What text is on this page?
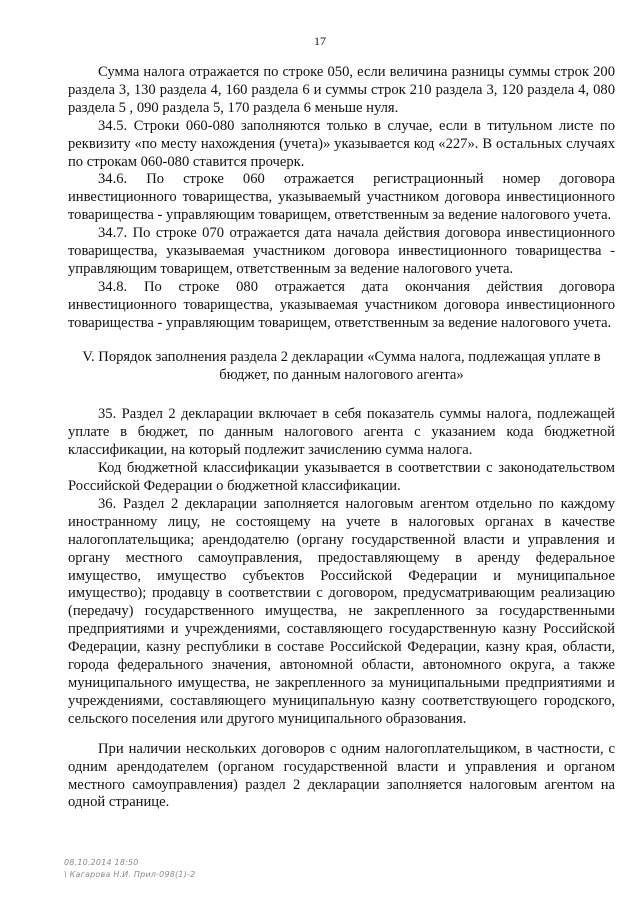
17

Сумма налога отражается по строке 050, если величина разницы суммы строк 200 раздела 3, 130 раздела 4, 160 раздела 6 и суммы строк 210 раздела 3, 120 раздела 4, 080 раздела 5 , 090 раздела 5, 170 раздела 6 меньше нуля.

34.5. Строки 060-080 заполняются только в случае, если в титульном листе по реквизиту «по месту нахождения (учета)» указывается код «227». В остальных случаях по строкам 060-080 ставится прочерк.

34.6. По строке 060 отражается регистрационный номер договора инвестиционного товарищества, указываемый участником договора инвестиционного товарищества - управляющим товарищем, ответственным за ведение налогового учета.

34.7. По строке 070 отражается дата начала действия договора инвестиционного товарищества, указываемая участником договора инвестиционного товарищества - управляющим товарищем, ответственным за ведение налогового учета.

34.8. По строке 080 отражается дата окончания действия договора инвестиционного товарищества, указываемая участником договора инвестиционного товарищества - управляющим товарищем, ответственным за ведение налогового учета.

V. Порядок заполнения раздела 2 декларации «Сумма налога, подлежащая уплате в бюджет, по данным налогового агента»

35. Раздел 2 декларации включает в себя показатель суммы налога, подлежащей уплате в бюджет, по данным налогового агента с указанием кода бюджетной классификации, на который подлежит зачислению сумма налога.

Код бюджетной классификации указывается в соответствии с законодательством Российской Федерации о бюджетной классификации.

36. Раздел 2 декларации заполняется налоговым агентом отдельно по каждому иностранному лицу, не состоящему на учете в налоговых органах в качестве налогоплательщика; арендодателю (органу государственной власти и управления и органу местного самоуправления, предоставляющему в аренду федеральное имущество, имущество субъектов Российской Федерации и муниципальное имущество); продавцу в соответствии с договором, предусматривающим реализацию (передачу) государственного имущества, не закрепленного за государственными предприятиями и учреждениями, составляющего государственную казну Российской Федерации, казну республики в составе Российской Федерации, казну края, области, города федерального значения, автономной области, автономного округа, а также муниципального имущества, не закрепленного за муниципальными предприятиями и учреждениями, составляющего муниципальную казну соответствующего городского, сельского поселения или другого муниципального образования.

При наличии нескольких договоров с одним налогоплательщиком, в частности, с одним арендодателем (органом государственной власти и управления и органом местного самоуправления) раздел 2 декларации заполняется налоговым агентом на одной странице.

08.10.2014 18:50
\ Кагарова Н.И. Прил-098(1)-2
